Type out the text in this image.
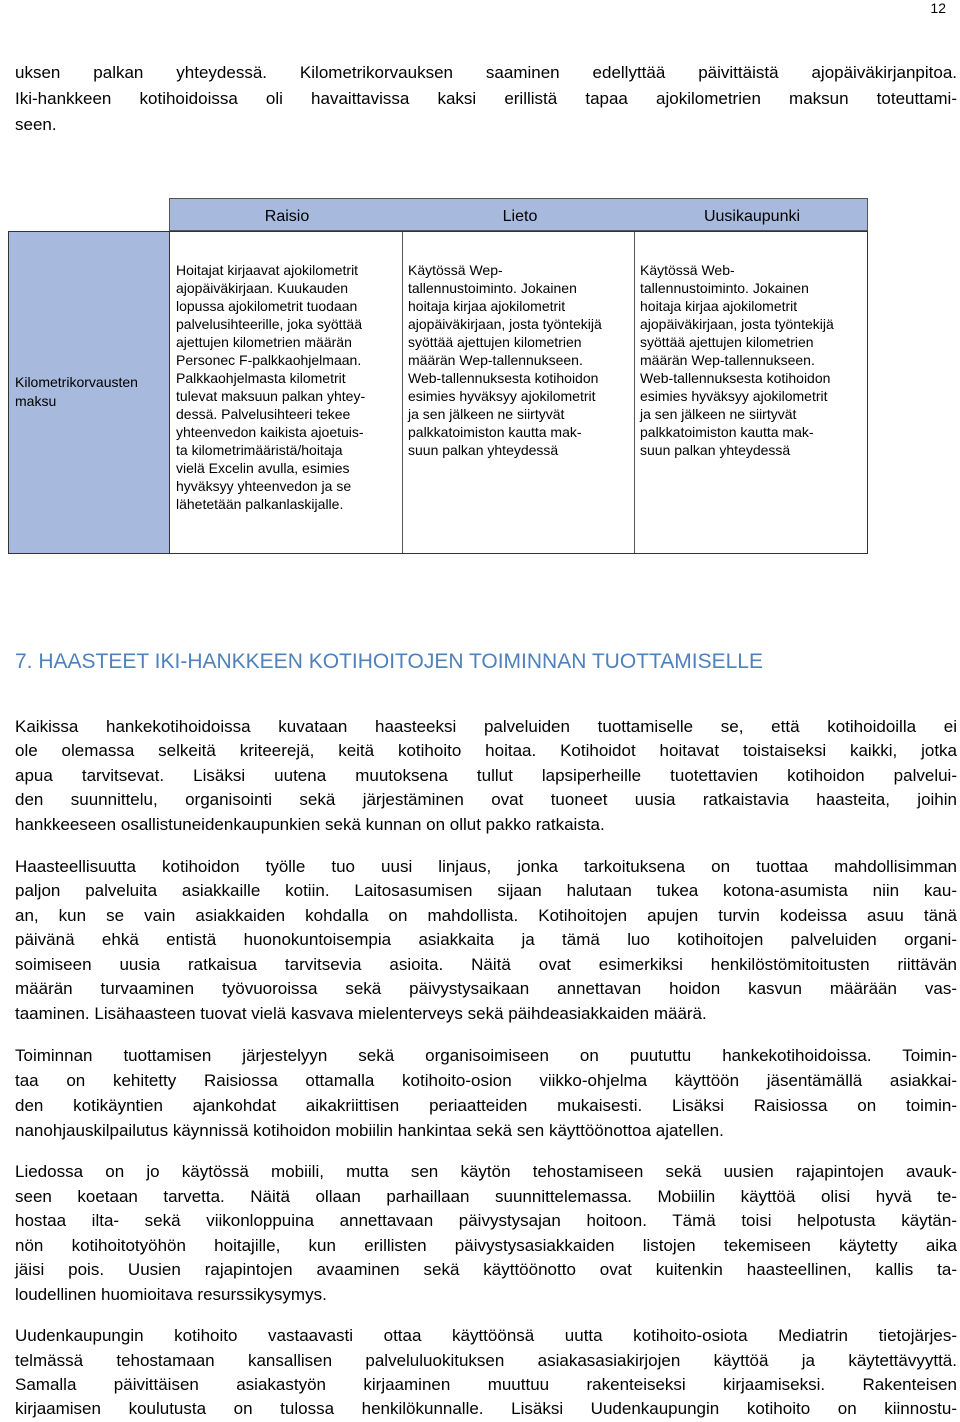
12
uksen palkan yhteydessä. Kilometrikorvauksen saaminen edellyttää päivittäistä ajopäiväkirjanpitoa.
Iki-hankkeen kotihoidoissa oli havaittavissa kaksi erillistä tapaa ajokilometrien maksun toteuttami-
seen.
Raisio	Lieto	Uusikaupunki
Kilometrikorvausten
maksu
Hoitajat kirjaavat ajokilometrit
ajopäiväkirjaan. Kuukauden
lopussa ajokilometrit tuodaan
palvelusihteerille, joka syöttää
ajettujen kilometrien määrän
Personec F-palkkaohjelmaan.
Palkkaohjelmasta kilometrit
tulevat maksuun palkan yhtey-
dessä. Palvelusihteeri tekee
yhteenvedon kaikista ajoetuis-
ta kilometrimääristä/hoitaja
vielä Excelin avulla, esimies
hyväksyy yhteenvedon ja se
lähetetään palkanlaskijalle.
Käytössä Wep-
tallennustoiminto. Jokainen
hoitaja kirjaa ajokilometrit
ajopäiväkirjaan, josta työntekijä
syöttää ajettujen kilometrien
määrän Wep-tallennukseen.
Web-tallennuksesta kotihoidon
esimies hyväksyy ajokilometrit
ja sen jälkeen ne siirtyvät
palkkatoimiston kautta mak-
suun palkan yhteydessä
Käytössä Web-
tallennustoiminto. Jokainen
hoitaja kirjaa ajokilometrit
ajopäiväkirjaan, josta työntekijä
syöttää ajettujen kilometrien
määrän Wep-tallennukseen.
Web-tallennuksesta kotihoidon
esimies hyväksyy ajokilometrit
ja sen jälkeen ne siirtyvät
palkkatoimiston kautta mak-
suun palkan yhteydessä
7. HAASTEET IKI-HANKKEEN KOTIHOITOJEN TOIMINNAN TUOTTAMISELLE
Kaikissa hankekotihoidoissa kuvataan haasteeksi palveluiden tuottamiselle se, että kotihoidoilla ei
ole olemassa selkeitä kriteerejä, keitä kotihoito hoitaa. Kotihoidot hoitavat toistaiseksi kaikki, jotka
apua tarvitsevat. Lisäksi uutena muutoksena tullut lapsiperheille tuotettavien kotihoidon palvelui-
den suunnittelu, organisointi sekä järjestäminen ovat tuoneet uusia ratkaistavia haasteita, joihin
hankkeeseen osallistuneidenkaupunkien sekä kunnan on ollut pakko ratkaista.
Haasteellisuutta kotihoidon työlle tuo uusi linjaus, jonka tarkoituksena on tuottaa mahdollisimman
paljon palveluita asiakkaille kotiin. Laitosasumisen sijaan halutaan tukea kotona-asumista niin kau-
an, kun se vain asiakkaiden kohdalla on mahdollista. Kotihoitojen apujen turvin kodeissa asuu tänä
päivänä ehkä entistä huonokuntoisempia asiakkaita ja tämä luo kotihoitojen palveluiden organi-
soimiseen uusia ratkaisua tarvitsevia asioita. Näitä ovat esimerkiksi henkilöstömitoitusten riittävän
määrän turvaaminen työvuoroissa sekä päivystysaikaan annettavan hoidon kasvun määrään vas-
taaminen. Lisähaasteen tuovat vielä kasvava mielenterveys sekä päihdeasiakkaiden määrä.
Toiminnan tuottamisen järjestelyyn sekä organisoimiseen on puututtu hankekotihoidoissa. Toimin-
taa on kehitetty Raisiossa ottamalla kotihoito-osion viikko-ohjelma käyttöön jäsentämällä asiakkai-
den kotikäyntien ajankohdat aikakriittisen periaatteiden mukaisesti. Lisäksi Raisiossa on toimin-
nanohjauskilpailutus käynnissä kotihoidon mobiilin hankintaa sekä sen käyttöönottoa ajatellen.
Liedossa on jo käytössä mobiili, mutta sen käytön tehostamiseen sekä uusien rajapintojen avauk-
seen koetaan tarvetta. Näitä ollaan parhaillaan suunnittelemassa. Mobiilin käyttöä olisi hyvä te-
hostaa ilta- sekä viikonloppuina annettavaan päivystysajan hoitoon. Tämä toisi helpotusta käytän-
nön kotihoitotyöhön hoitajille, kun erillisten päivystysasiakkaiden listojen tekemiseen käytetty aika
jäisi pois. Uusien rajapintojen avaaminen sekä käyttöönotto ovat kuitenkin haasteellinen, kallis ta-
loudellinen huomioitava resurssikysymys.
Uudenkaupungin kotihoito vastaavasti ottaa käyttöönsä uutta kotihoito-osiota Mediatrin tietojärjes-
telmässä tehostamaan kansallisen palveluluokituksen asiakasasiakirjojen käyttöä ja käytettävyyttä.
Samalla päivittäisen asiakastyön kirjaaminen muuttuu rakenteiseksi kirjaamiseksi. Rakenteisen
kirjaamisen koulutusta on tulossa henkilökunnalle. Lisäksi Uudenkaupungin kotihoito on kiinnostu-
